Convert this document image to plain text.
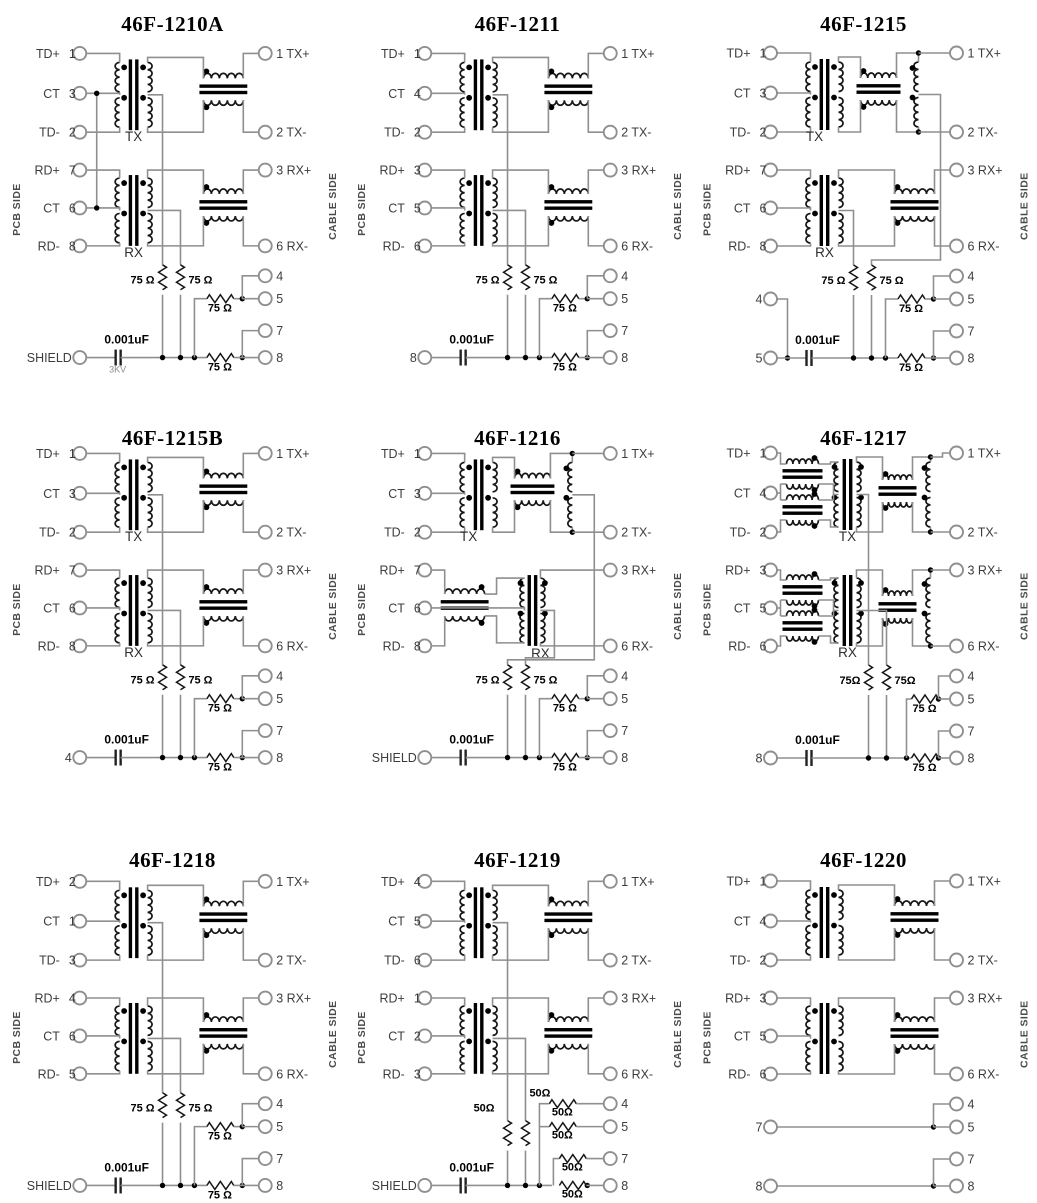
46F-1210A
PCB SIDE	CABLE SIDE
TD+ 1
CT 3
TD- 2
RD+ 7
CT 6
RD- 8
1 TX+
2 TX-
3 RX+
6 RX-
4
5
7
8
TX
RX
SHIELD
0.001uF
3KV
75 Ω	75 Ω
75 Ω
75 Ω
46F-1211
PCB SIDE	CABLE SIDE
TD+ 1
CT 4
TD- 2
RD+ 3
CT 5
RD- 6
1 TX+
2 TX-
3 RX+
6 RX-
4
5
7
8
8
0.001uF
75 Ω	75 Ω
75 Ω
75 Ω
46F-1215
PCB SIDE	CABLE SIDE
TD+ 1
CT 3
TD- 2
RD+ 7
CT 6
RD- 8
1 TX+
2 TX-
3 RX+
6 RX-
4
5
7
8
TX
RX
4
5
0.001uF
75 Ω	75 Ω
75 Ω
75 Ω
46F-1215B
PCB SIDE	CABLE SIDE
TD+ 1
CT 3
TD- 2
RD+ 7
CT 6
RD- 8
1 TX+
2 TX-
3 RX+
6 RX-
4
5
7
8
TX
RX
4
0.001uF
75 Ω	75 Ω
75 Ω
75 Ω
46F-1216
PCB SIDE	CABLE SIDE
TD+ 1
CT 3
TD- 2
RD+ 7
CT 6
RD- 8
1 TX+
2 TX-
3 RX+
6 RX-
4
5
7
8
TX
RX
SHIELD
0.001uF
75 Ω	75 Ω
75 Ω
75 Ω
46F-1217
PCB SIDE	CABLE SIDE
TD+ 1
CT 4
TD- 2
RD+ 3
CT 5
RD- 6
1 TX+
2 TX-
3 RX+
6 RX-
4
5
7
8
TX
RX
8
0.001uF
75Ω	75Ω
75 Ω
75 Ω
46F-1218
PCB SIDE	CABLE SIDE
TD+ 2
CT 1
TD- 3
RD+ 4
CT 6
RD- 5
1 TX+
2 TX-
3 RX+
6 RX-
4
5
7
8
SHIELD
0.001uF
75 Ω	75 Ω
75 Ω
75 Ω
46F-1219
PCB SIDE	CABLE SIDE
TD+ 4
CT 5
TD- 6
RD+ 1
CT 2
RD- 3
1 TX+
2 TX-
3 RX+
6 RX-
4
5
7
8
SHIELD
0.001uF
50Ω
50Ω
50Ω
50Ω
50Ω
50Ω
46F-1220
PCB SIDE	CABLE SIDE
TD+ 1
CT 4
TD- 2
RD+ 3
CT 5
RD- 6
1 TX+
2 TX-
3 RX+
6 RX-
4
5
7
8
7
8
